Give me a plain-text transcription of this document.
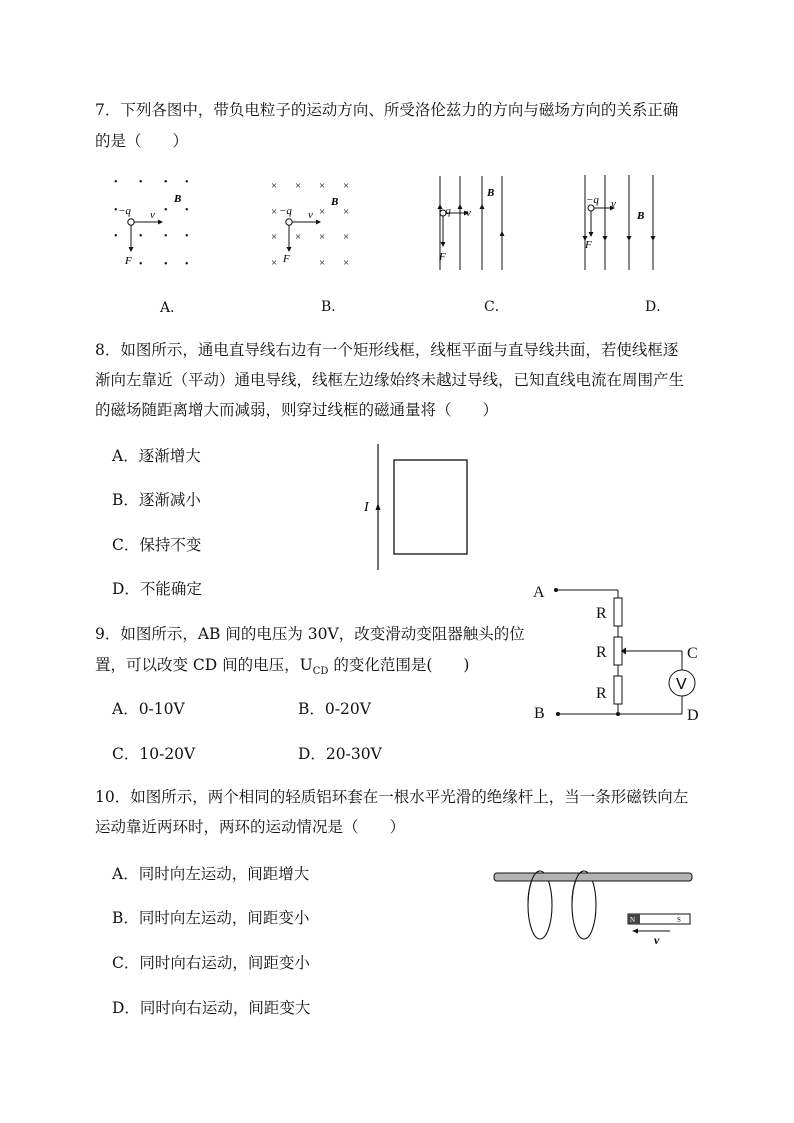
7．下列各图中，带负电粒子的运动方向、所受洛伦兹力的方向与磁场方向的关系正确
的是（　　）
• • • •
•	• •
• • • •
• • •
−q v
F
B
× × × ×
×	× ×
× × × ×
×	× ×
−q v
F
B
−q v
F
B
−q v
F
B
A．	B．	C．	D．
8．如图所示，通电直导线右边有一个矩形线框，线框平面与直导线共面，若使线框逐
渐向左靠近（平动）通电导线，线框左边缘始终未越过导线，已知直线电流在周围产生
的磁场随距离增大而减弱，则穿过线框的磁通量将（　　）
A．逐渐增大
B．逐渐减小
C．保持不变
D．不能确定
I
9．如图所示，AB 间的电压为 30V，改变滑动变阻器触头的位
置，可以改变 CD 间的电压，$U_{CD}$ 的变化范围是(　　)
A．0-10V	B．0-20V
C．10-20V	D．20-30V
A
B
C
D
R
R
R
V
10．如图所示，两个相同的轻质铝环套在一根水平光滑的绝缘杆上，当一条形磁铁向左
运动靠近两环时，两环的运动情况是（　　）
A．同时向左运动，间距增大
B．同时向左运动，间距变小
C．同时向右运动，间距变小
D．同时向右运动，间距变大
N	S
v
